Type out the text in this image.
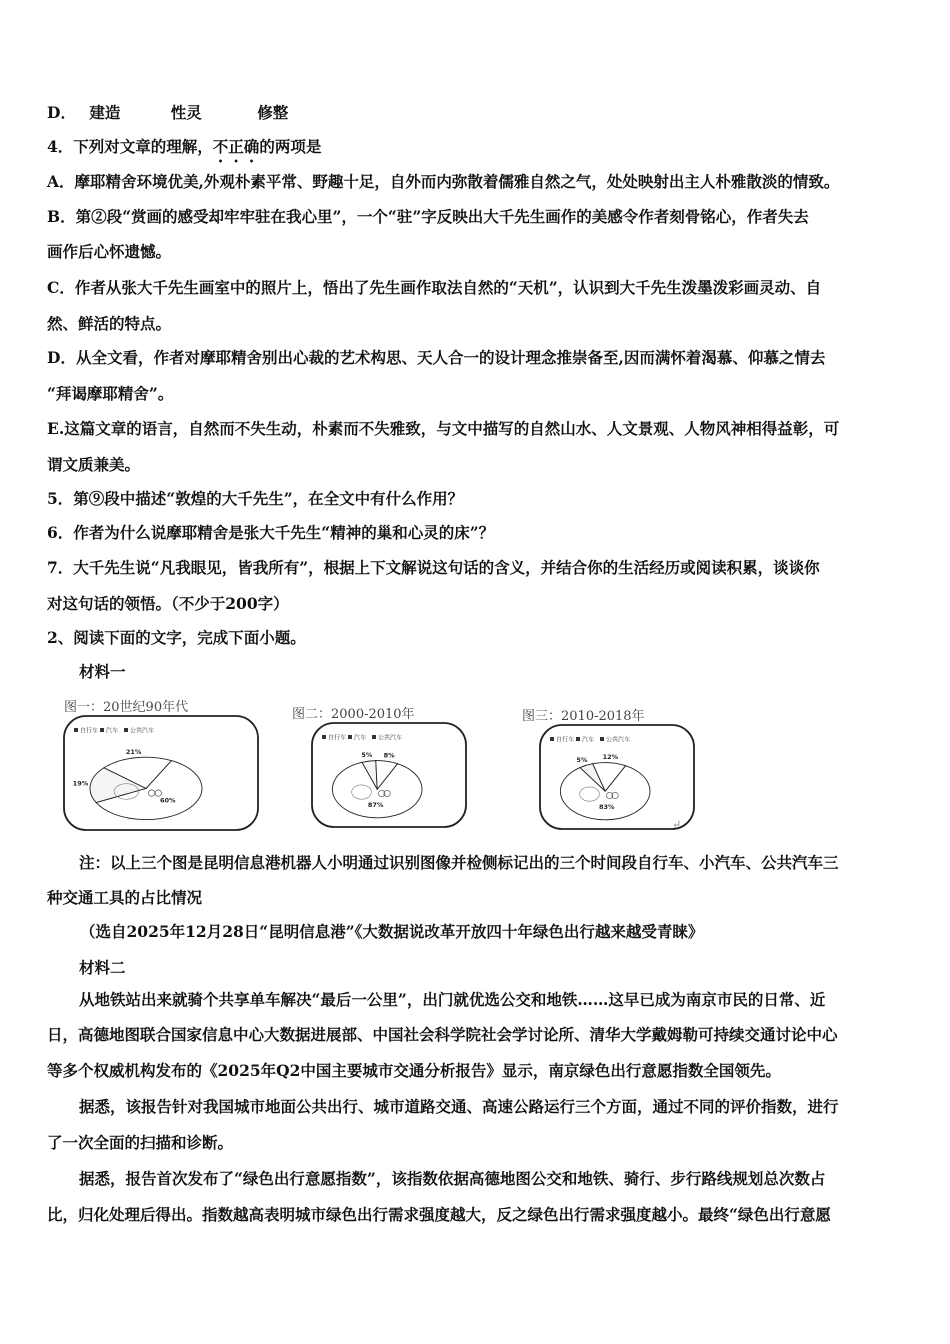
D． 建造	性灵	修整
4．下列对文章的理解，不正确的两项是
A．摩耶精舍环境优美,外观朴素平常、野趣十足，自外而内弥散着儒雅自然之气，处处映射出主人朴雅散淡的情致。
B．第②段“赏画的感受却牢牢驻在我心里”，一个“驻”字反映出大千先生画作的美感令作者刻骨铭心，作者失去
画作后心怀遗憾。
C．作者从张大千先生画室中的照片上，悟出了先生画作取法自然的“天机”，认识到大千先生泼墨泼彩画灵动、自
然、鲜活的特点。
D．从全文看，作者对摩耶精舍别出心裁的艺术构思、天人合一的设计理念推崇备至,因而满怀着渴慕、仰慕之情去
“拜谒摩耶精舍”。
E.这篇文章的语言，自然而不失生动，朴素而不失雅致，与文中描写的自然山水、人文景观、人物风神相得益彰，可
谓文质兼美。
5．第⑨段中描述“敦煌的大千先生”，在全文中有什么作用？
6．作者为什么说摩耶精舍是张大千先生“精神的巢和心灵的床”？
7．大千先生说“凡我眼见，皆我所有”，根据上下文解说这句话的含义，并结合你的生活经历或阅读积累，谈谈你
对这句话的领悟。（不少于200字）
2、阅读下面的文字，完成下面小题。
材料一
图一：20世纪90年代
自行车 汽车 公共汽车
60%
19%
21%
图二：2000-2010年
自行车 汽车 公共汽车
87%
5% 8%
图三：2010-2018年
自行车 汽车 公共汽车
83%
5% 12%
↵
注：以上三个图是昆明信息港机器人小明通过识别图像并检侧标记出的三个时间段自行车、小汽车、公共汽车三
种交通工具的占比情况
（选自2025年12月28日“昆明信息港”《大数据说改革开放四十年绿色出行越来越受青睐》
材料二
从地铁站出来就骑个共享单车解决“最后一公里”，出门就优选公交和地铁……这早已成为南京市民的日常、近
日，高德地图联合国家信息中心大数据进展部、中国社会科学院社会学讨论所、清华大学戴姆勒可持续交通讨论中心
等多个权威机构发布的《2025年Q2中国主要城市交通分析报告》显示，南京绿色出行意愿指数全国领先。
据悉，该报告针对我国城市地面公共出行、城市道路交通、高速公路运行三个方面，通过不同的评价指数，进行
了一次全面的扫描和诊断。
据悉，报告首次发布了“绿色出行意愿指数”，该指数依据高德地图公交和地铁、骑行、步行路线规划总次数占
比，归化处理后得出。指数越高表明城市绿色出行需求强度越大，反之绿色出行需求强度越小。最终“绿色出行意愿
